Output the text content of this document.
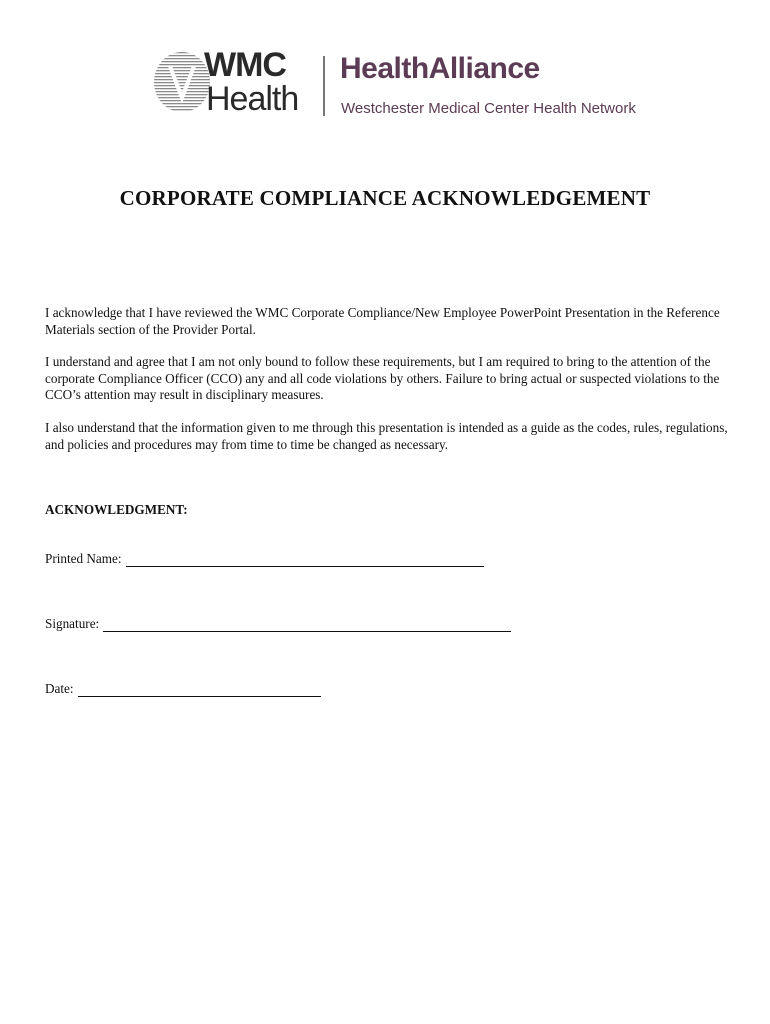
WMC
Health
HealthAlliance
Westchester Medical Center Health Network
CORPORATE COMPLIANCE ACKNOWLEDGEMENT

I acknowledge that I have reviewed the WMC Corporate Compliance/New Employee PowerPoint Presentation in the Reference Materials section of the Provider Portal.

I understand and agree that I am not only bound to follow these requirements, but I am required to bring to the attention of the corporate Compliance Officer (CCO) any and all code violations by others. Failure to bring actual or suspected violations to the CCO’s attention may result in disciplinary measures.

I also understand that the information given to me through this presentation is intended as a guide as the codes, rules, regulations, and policies and procedures may from time to time be changed as necessary.

ACKNOWLEDGMENT:
Printed Name:
Signature:
Date:
